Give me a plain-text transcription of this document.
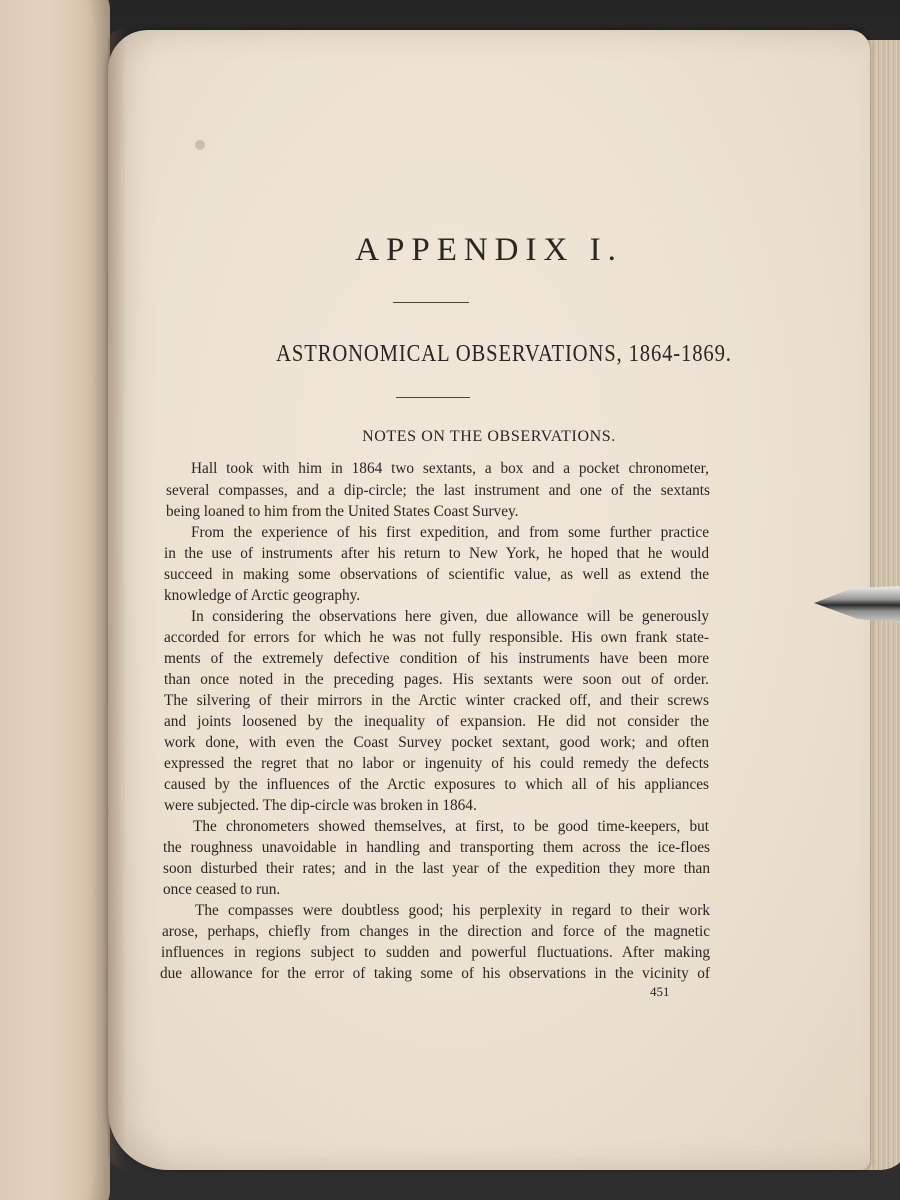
APPENDIX I.
ASTRONOMICAL OBSERVATIONS, 1864-1869.
NOTES ON THE OBSERVATIONS.

Hall took with him in 1864 two sextants, a box and a pocket chronometer,

several compasses, and a dip-circle; the last instrument and one of the sextants

being loaned to him from the United States Coast Survey.

From the experience of his first expedition, and from some further practice

in the use of instruments after his return to New York, he hoped that he would

succeed in making some observations of scientific value, as well as extend the

knowledge of Arctic geography.

In considering the observations here given, due allowance will be generously

accorded for errors for which he was not fully responsible. His own frank state-

ments of the extremely defective condition of his instruments have been more

than once noted in the preceding pages. His sextants were soon out of order.

The silvering of their mirrors in the Arctic winter cracked off, and their screws

and joints loosened by the inequality of expansion. He did not consider the

work done, with even the Coast Survey pocket sextant, good work; and often

expressed the regret that no labor or ingenuity of his could remedy the defects

caused by the influences of the Arctic exposures to which all of his appliances

were subjected. The dip-circle was broken in 1864.

The chronometers showed themselves, at first, to be good time-keepers, but

the roughness unavoidable in handling and transporting them across the ice-floes

soon disturbed their rates; and in the last year of the expedition they more than

once ceased to run.

The compasses were doubtless good; his perplexity in regard to their work

arose, perhaps, chiefly from changes in the direction and force of the magnetic

influences in regions subject to sudden and powerful fluctuations. After making

due allowance for the error of taking some of his observations in the vicinity of

451
